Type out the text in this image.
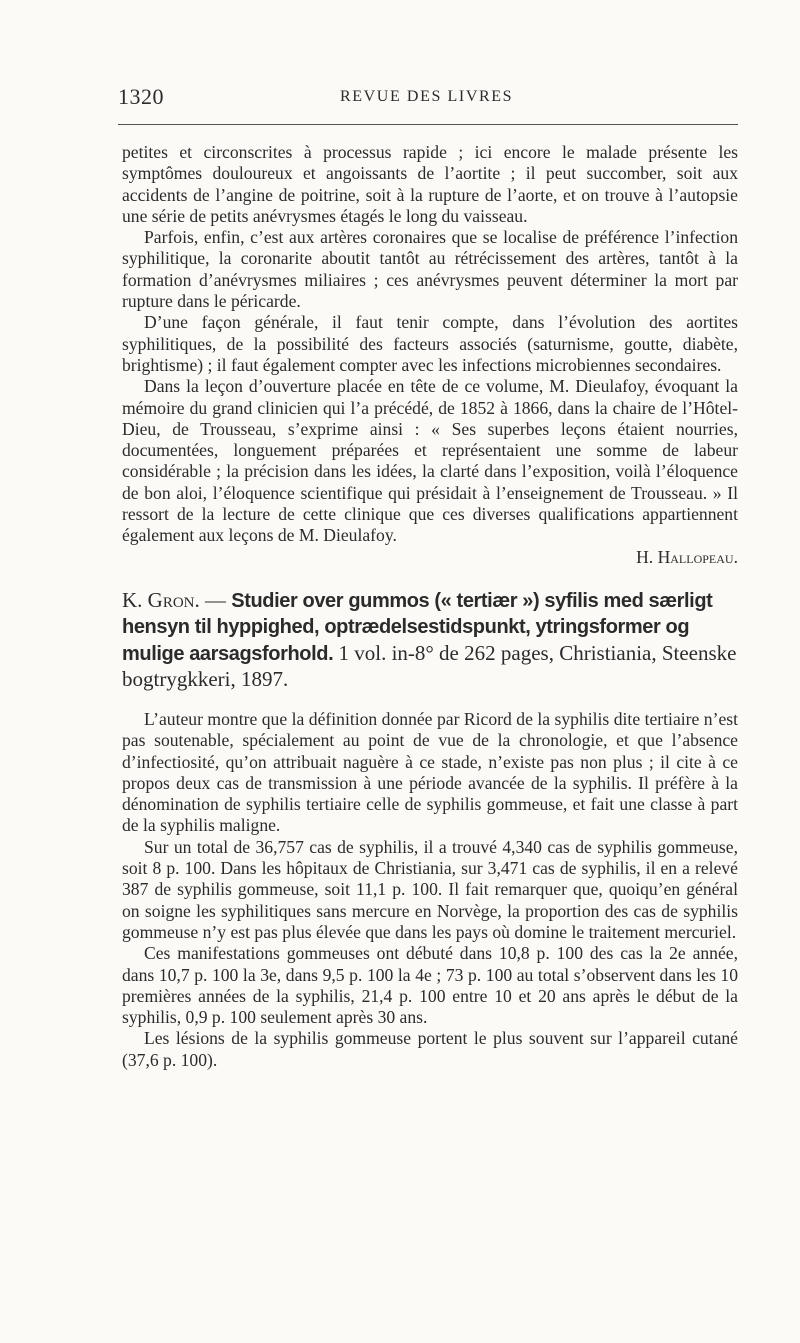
1320	REVUE DES LIVRES

petites et circonscrites à processus rapide ; ici encore le malade présente les symptômes douloureux et angoissants de l’aortite ; il peut succomber, soit aux accidents de l’angine de poitrine, soit à la rupture de l’aorte, et on trouve à l’autopsie une série de petits anévrysmes étagés le long du vaisseau.

Parfois, enfin, c’est aux artères coronaires que se localise de préférence l’infection syphilitique, la coronarite aboutit tantôt au rétrécissement des artères, tantôt à la formation d’anévrysmes miliaires ; ces anévrysmes peuvent déterminer la mort par rupture dans le péricarde.

D’une façon générale, il faut tenir compte, dans l’évolution des aortites syphilitiques, de la possibilité des facteurs associés (saturnisme, goutte, diabète, brightisme) ; il faut également compter avec les infections microbiennes secondaires.

Dans la leçon d’ouverture placée en tête de ce volume, M. Dieulafoy, évoquant la mémoire du grand clinicien qui l’a précédé, de 1852 à 1866, dans la chaire de l’Hôtel-Dieu, de Trousseau, s’exprime ainsi : « Ses superbes leçons étaient nourries, documentées, longuement préparées et représentaient une somme de labeur considérable ; la précision dans les idées, la clarté dans l’exposition, voilà l’éloquence de bon aloi, l’éloquence scientifique qui présidait à l’enseignement de Trousseau. » Il ressort de la lecture de cette clinique que ces diverses qualifications appartiennent également aux leçons de M. Dieulafoy.

H. Hallopeau.
K. Gron. — Studier over gummos (« tertiær ») syfilis med særligt hensyn til hyppighed, optrædelsestidspunkt, ytringsformer og mulige aarsagsforhold. 1 vol. in-8° de 262 pages, Christiania, Steenske bogtrygkkeri, 1897.

L’auteur montre que la définition donnée par Ricord de la syphilis dite tertiaire n’est pas soutenable, spécialement au point de vue de la chronologie, et que l’absence d’infectiosité, qu’on attribuait naguère à ce stade, n’existe pas non plus ; il cite à ce propos deux cas de transmission à une période avancée de la syphilis. Il préfère à la dénomination de syphilis tertiaire celle de syphilis gommeuse, et fait une classe à part de la syphilis maligne.

Sur un total de 36,757 cas de syphilis, il a trouvé 4,340 cas de syphilis gommeuse, soit 8 p. 100. Dans les hôpitaux de Christiania, sur 3,471 cas de syphilis, il en a relevé 387 de syphilis gommeuse, soit 11,1 p. 100. Il fait remarquer que, quoiqu’en général on soigne les syphilitiques sans mercure en Norvège, la proportion des cas de syphilis gommeuse n’y est pas plus élevée que dans les pays où domine le traitement mercuriel.

Ces manifestations gommeuses ont débuté dans 10,8 p. 100 des cas la 2e année, dans 10,7 p. 100 la 3e, dans 9,5 p. 100 la 4e ; 73 p. 100 au total s’observent dans les 10 premières années de la syphilis, 21,4 p. 100 entre 10 et 20 ans après le début de la syphilis, 0,9 p. 100 seulement après 30 ans.

Les lésions de la syphilis gommeuse portent le plus souvent sur l’appareil cutané (37,6 p. 100).
